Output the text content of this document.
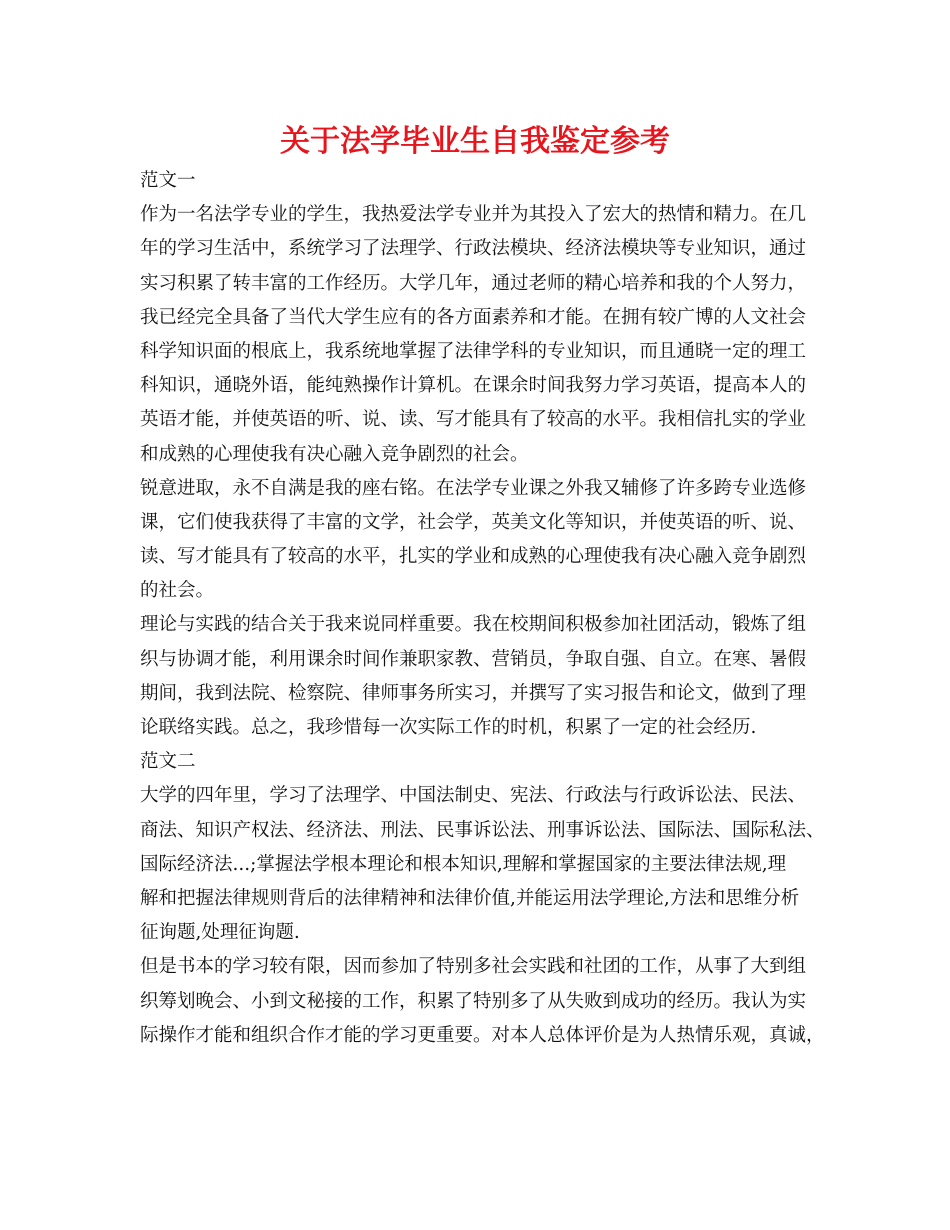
关于法学毕业生自我鉴定参考
范文一
作为一名法学专业的学生，我热爱法学专业并为其投入了宏大的热情和精力。在几
年的学习生活中，系统学习了法理学、行政法模块、经济法模块等专业知识，通过
实习积累了转丰富的工作经历。大学几年，通过老师的精心培养和我的个人努力，
我已经完全具备了当代大学生应有的各方面素养和才能。在拥有较广博的人文社会
科学知识面的根底上，我系统地掌握了法律学科的专业知识，而且通晓一定的理工
科知识，通晓外语，能纯熟操作计算机。在课余时间我努力学习英语，提高本人的
英语才能，并使英语的听、说、读、写才能具有了较高的水平。我相信扎实的学业
和成熟的心理使我有决心融入竞争剧烈的社会。
锐意进取，永不自满是我的座右铭。在法学专业课之外我又辅修了许多跨专业选修
课，它们使我获得了丰富的文学，社会学，英美文化等知识，并使英语的听、说、
读、写才能具有了较高的水平，扎实的学业和成熟的心理使我有决心融入竞争剧烈
的社会。
理论与实践的结合关于我来说同样重要。我在校期间积极参加社团活动，锻炼了组
织与协调才能，利用课余时间作兼职家教、营销员，争取自强、自立。在寒、暑假
期间，我到法院、检察院、律师事务所实习，并撰写了实习报告和论文，做到了理
论联络实践。总之，我珍惜每一次实际工作的时机，积累了一定的社会经历.
范文二
大学的四年里，学习了法理学、中国法制史、宪法、行政法与行政诉讼法、民法、
商法、知识产权法、经济法、刑法、民事诉讼法、刑事诉讼法、国际法、国际私法、
国际经济法...;掌握法学根本理论和根本知识,理解和掌握国家的主要法律法规,理
解和把握法律规则背后的法律精神和法律价值,并能运用法学理论,方法和思维分析
征询题,处理征询题.
但是书本的学习较有限，因而参加了特别多社会实践和社团的工作，从事了大到组
织筹划晚会、小到文秘接的工作，积累了特别多了从失败到成功的经历。我认为实
际操作才能和组织合作才能的学习更重要。对本人总体评价是为人热情乐观，真诚，
